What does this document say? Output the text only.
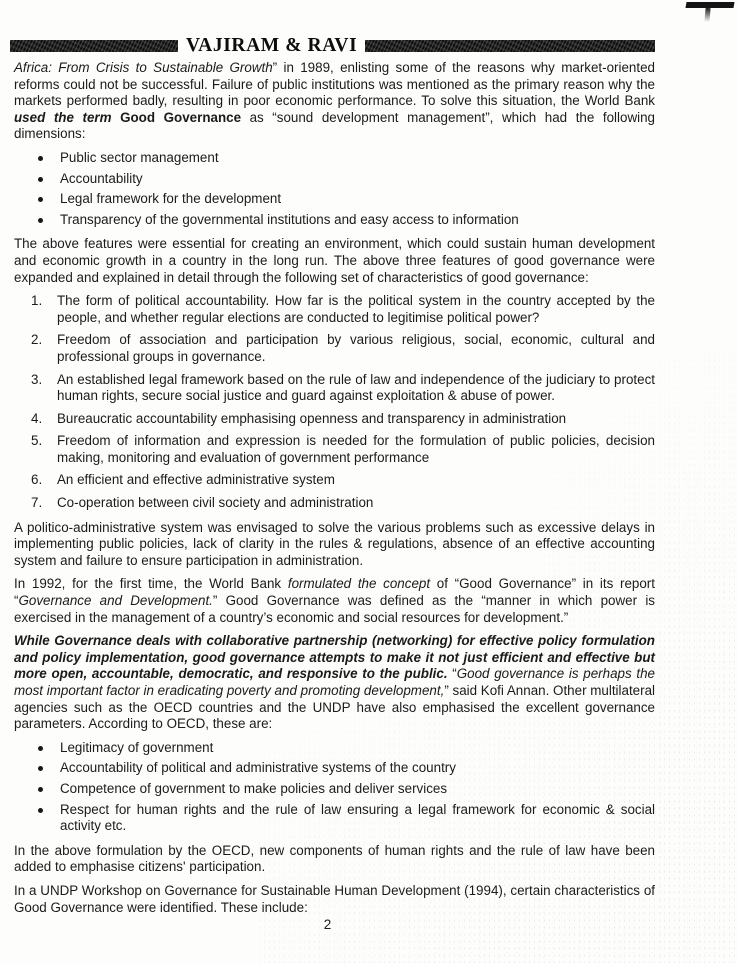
VAJIRAM & RAVI

Africa: From Crisis to Sustainable Growth” in 1989, enlisting some of the reasons why market-oriented reforms could not be successful. Failure of public institutions was mentioned as the primary reason why the markets performed badly, resulting in poor economic performance. To solve this situation, the World Bank used the term Good Governance as “sound development management”, which had the following dimensions:

Public sector management
Accountability
Legal framework for the development
Transparency of the governmental institutions and easy access to information

The above features were essential for creating an environment, which could sustain human development and economic growth in a country in the long run. The above three features of good governance were expanded and explained in detail through the following set of characteristics of good governance:

The form of political accountability. How far is the political system in the country accepted by the people, and whether regular elections are conducted to legitimise political power?
Freedom of association and participation by various religious, social, economic, cultural and professional groups in governance.
An established legal framework based on the rule of law and independence of the judiciary to protect human rights, secure social justice and guard against exploitation & abuse of power.
Bureaucratic accountability emphasising openness and transparency in administration
Freedom of information and expression is needed for the formulation of public policies, decision making, monitoring and evaluation of government performance
An efficient and effective administrative system
Co-operation between civil society and administration

A politico-administrative system was envisaged to solve the various problems such as excessive delays in implementing public policies, lack of clarity in the rules & regulations, absence of an effective accounting system and failure to ensure participation in administration.

In 1992, for the first time, the World Bank formulated the concept of “Good Governance” in its report “Governance and Development.” Good Governance was defined as the “manner in which power is exercised in the management of a country’s economic and social resources for development.”

While Governance deals with collaborative partnership (networking) for effective policy formulation and policy implementation, good governance attempts to make it not just efficient and effective but more open, accountable, democratic, and responsive to the public. “Good governance is perhaps the most important factor in eradicating poverty and promoting development,” said Kofi Annan. Other multilateral agencies such as the OECD countries and the UNDP have also emphasised the excellent governance parameters. According to OECD, these are:

Legitimacy of government
Accountability of political and administrative systems of the country
Competence of government to make policies and deliver services
Respect for human rights and the rule of law ensuring a legal framework for economic & social activity etc.

In the above formulation by the OECD, new components of human rights and the rule of law have been added to emphasise citizens' participation.

In a UNDP Workshop on Governance for Sustainable Human Development (1994), certain characteristics of Good Governance were identified. These include:

2
